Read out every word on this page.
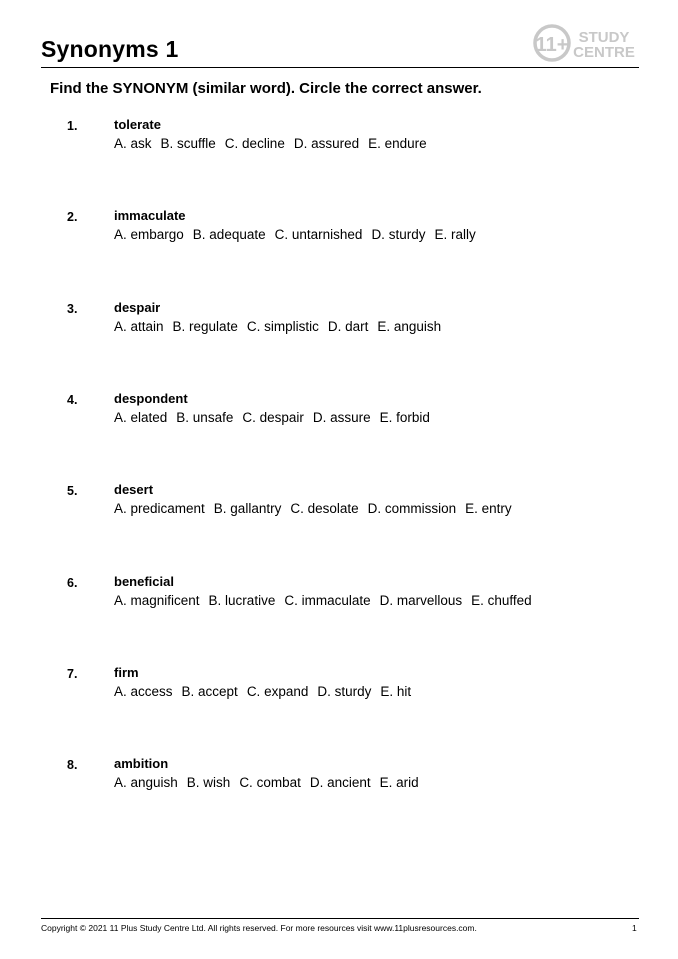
Synonyms 1	11+ STUDY
CENTRE
Find the SYNONYM (similar word). Circle the correct answer.
1.	tolerate
A. ask B. scuffle C. decline D. assured E. endure
2.	immaculate
A. embargo B. adequate C. untarnished D. sturdy E. rally
3.	despair
A. attain B. regulate C. simplistic D. dart E. anguish
4.	despondent
A. elated B. unsafe C. despair D. assure E. forbid
5.	desert
A. predicament B. gallantry C. desolate D. commission E. entry
6.	beneficial
A. magnificent B. lucrative C. immaculate D. marvellous E. chuffed
7.	firm
A. access B. accept C. expand D. sturdy E. hit
8.	ambition
A. anguish B. wish C. combat D. ancient E. arid
Copyright © 2021 11 Plus Study Centre Ltd. All rights reserved. For more resources visit www.11plusresources.com.	1
